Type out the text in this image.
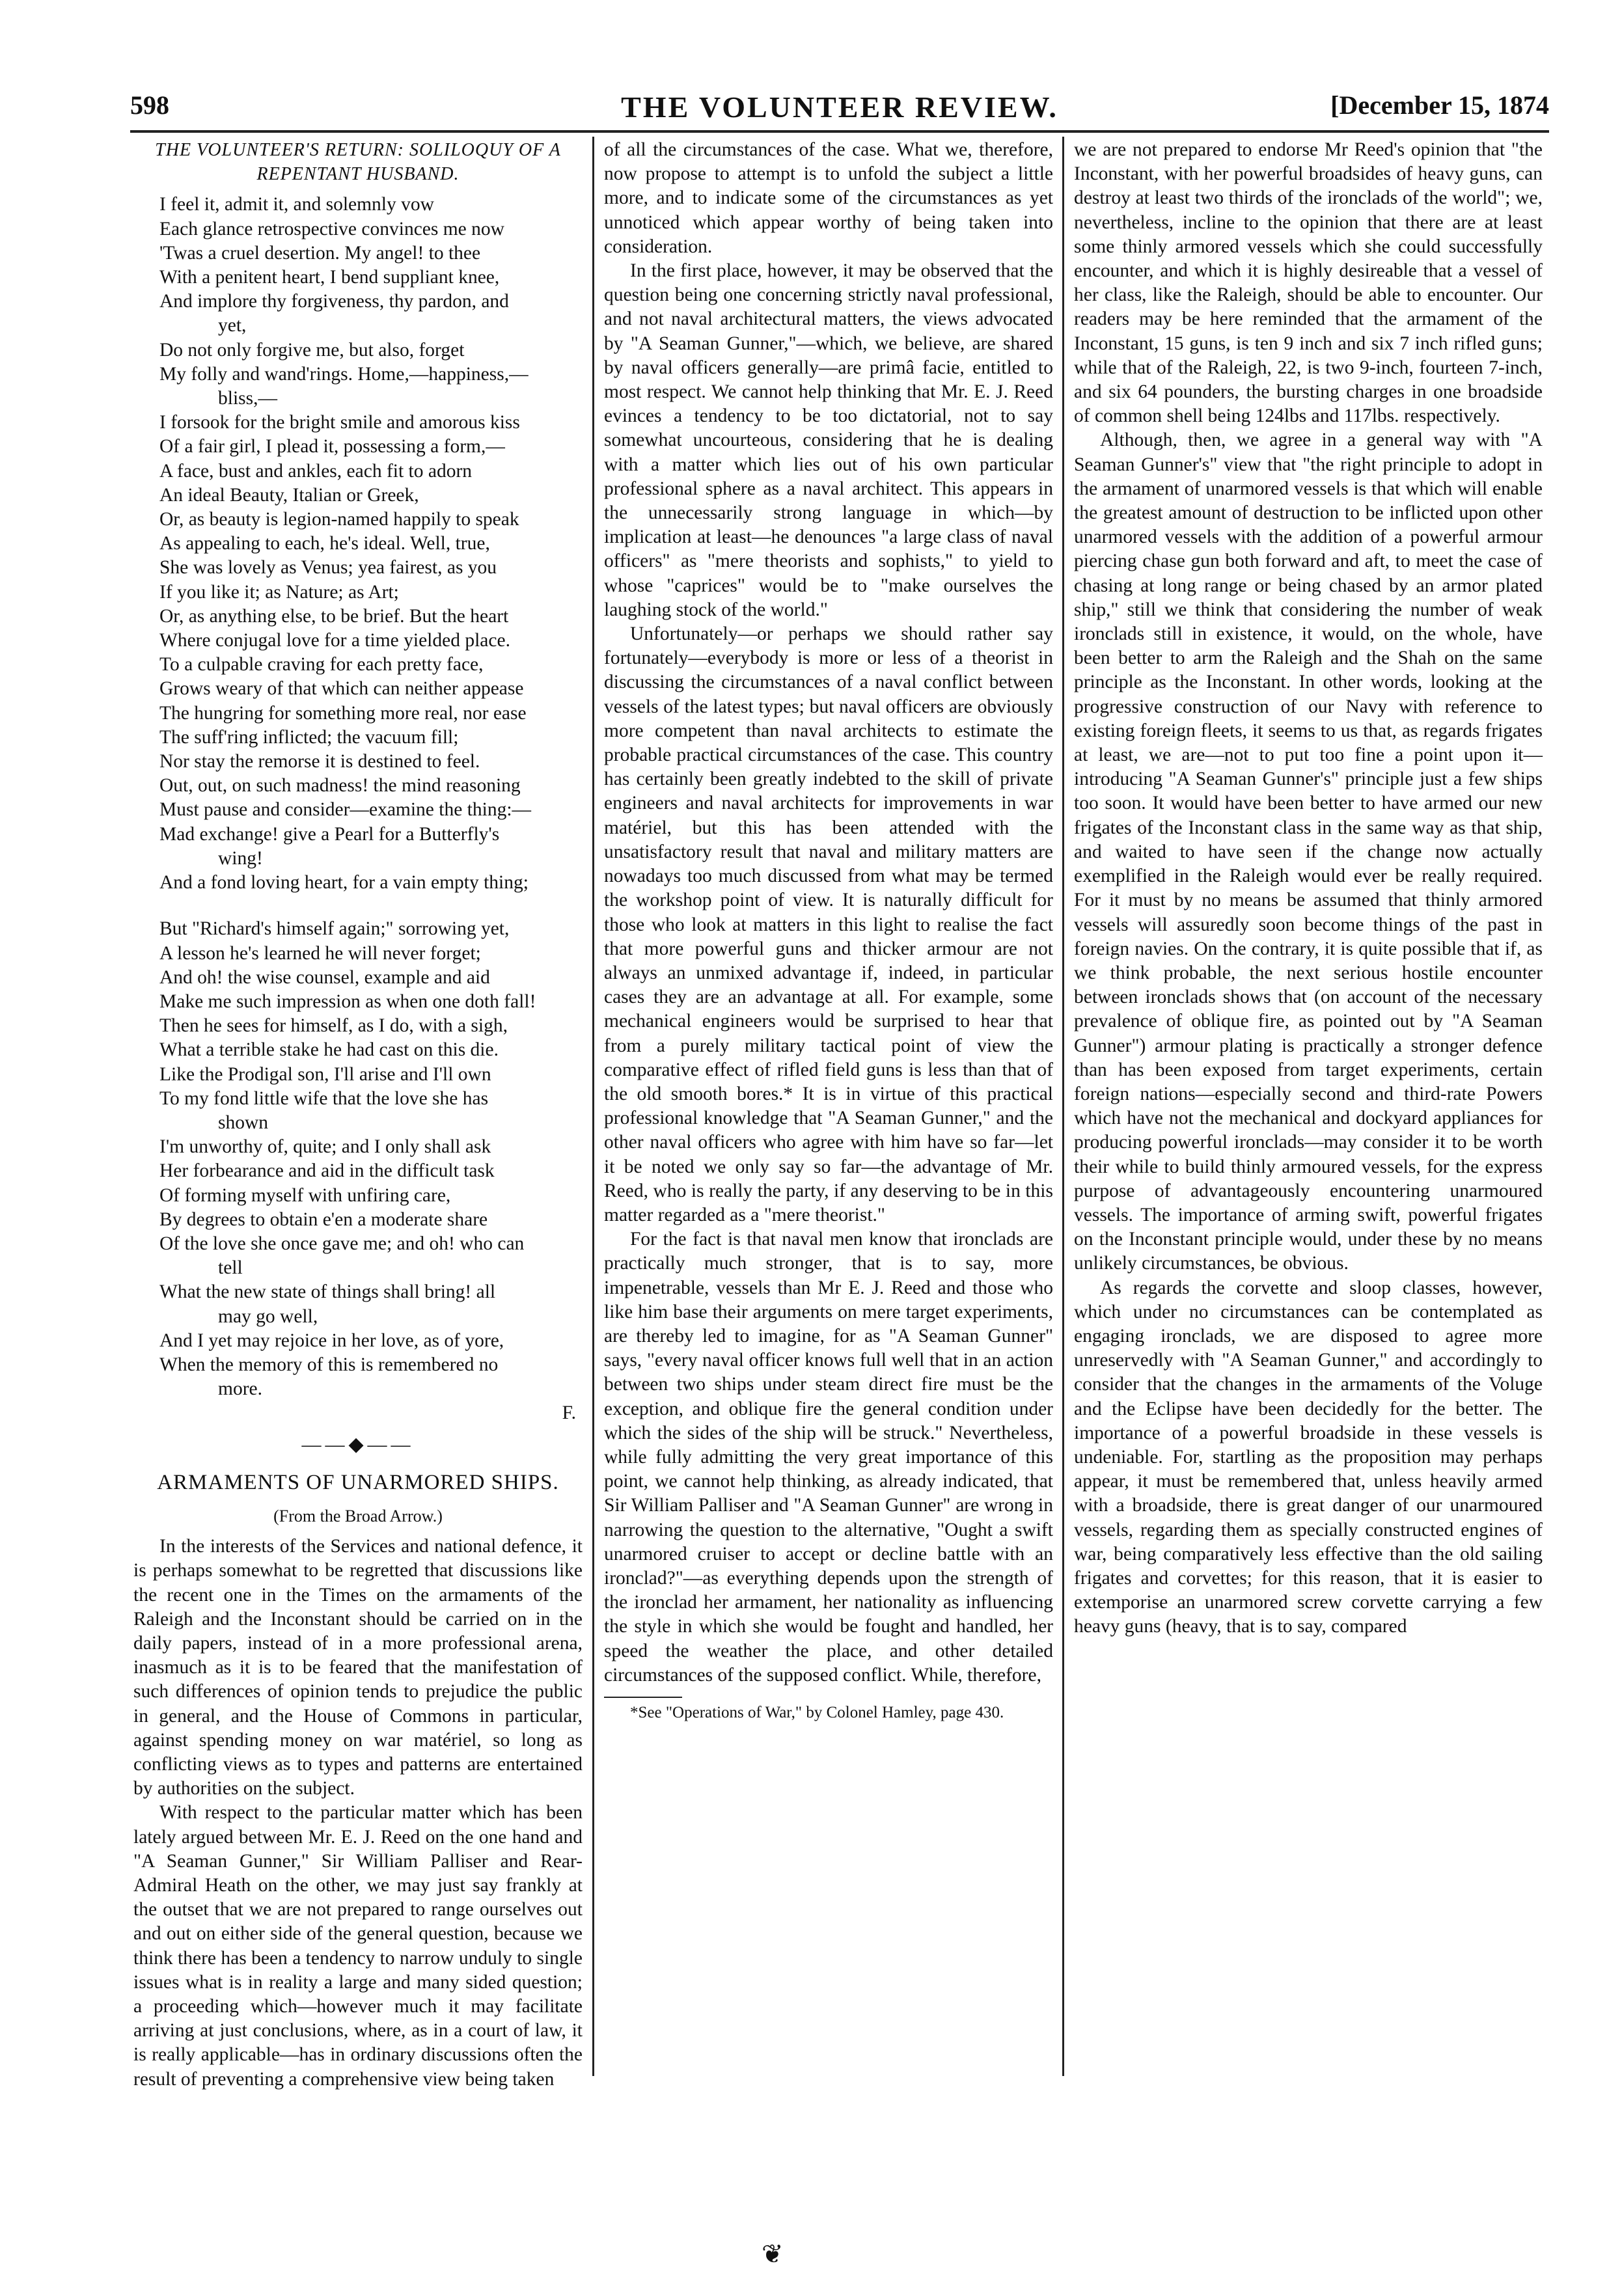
598	THE VOLUNTEER REVIEW.	[December 15, 1874
THE VOLUNTEER'S RETURN: SOLILOQUY OF A REPENTANT HUSBAND.

I feel it, admit it, and solemnly vow

Each glance retrospective convinces me now

'Twas a cruel desertion. My angel! to thee

With a penitent heart, I bend suppliant knee,

And implore thy forgiveness, thy pardon, and

yet,

Do not only forgive me, but also, forget

My folly and wand'rings. Home,—happiness,—

bliss,—

I forsook for the bright smile and amorous kiss

Of a fair girl, I plead it, possessing a form,—

A face, bust and ankles, each fit to adorn

An ideal Beauty, Italian or Greek,

Or, as beauty is legion-named happily to speak

As appealing to each, he's ideal. Well, true,

She was lovely as Venus; yea fairest, as you

If you like it; as Nature; as Art;

Or, as anything else, to be brief. But the heart

Where conjugal love for a time yielded place.

To a culpable craving for each pretty face,

Grows weary of that which can neither appease

The hungring for something more real, nor ease

The suff'ring inflicted; the vacuum fill;

Nor stay the remorse it is destined to feel.

Out, out, on such madness! the mind reasoning

Must pause and consider—examine the thing:—

Mad exchange! give a Pearl for a Butterfly's

wing!

And a fond loving heart, for a vain empty thing;

But "Richard's himself again;" sorrowing yet,

A lesson he's learned he will never forget;

And oh! the wise counsel, example and aid

Make me such impression as when one doth fall!

Then he sees for himself, as I do, with a sigh,

What a terrible stake he had cast on this die.

Like the Prodigal son, I'll arise and I'll own

To my fond little wife that the love she has

shown

I'm unworthy of, quite; and I only shall ask

Her forbearance and aid in the difficult task

Of forming myself with unfiring care,

By degrees to obtain e'en a moderate share

Of the love she once gave me; and oh! who can

tell

What the new state of things shall bring! all

may go well,

And I yet may rejoice in her love, as of yore,

When the memory of this is remembered no

more.

F.

——◆——
ARMAMENTS OF UNARMORED SHIPS.
(From the Broad Arrow.)

In the interests of the Services and national defence, it is perhaps somewhat to be regretted that discussions like the recent one in the Times on the armaments of the Raleigh and the Inconstant should be carried on in the daily papers, instead of in a more professional arena, inasmuch as it is to be feared that the manifestation of such differences of opinion tends to prejudice the public in general, and the House of Commons in particular, against spending money on war matériel, so long as conflicting views as to types and patterns are entertained by authorities on the subject.

With respect to the particular matter which has been lately argued between Mr. E. J. Reed on the one hand and "A Seaman Gunner," Sir William Palliser and Rear-Admiral Heath on the other, we may just say frankly at the outset that we are not prepared to range ourselves out and out on either side of the general question, because we think there has been a tendency to narrow unduly to single issues what is in reality a large and many sided question; a proceeding which—however much it may facilitate arriving at just conclusions, where, as in a court of law, it is really applicable—has in ordinary discussions often the result of preventing a comprehensive view being taken

of all the circumstances of the case. What we, therefore, now propose to attempt is to unfold the subject a little more, and to indicate some of the circumstances as yet unnoticed which appear worthy of being taken into consideration.

In the first place, however, it may be observed that the question being one concerning strictly naval professional, and not naval architectural matters, the views advocated by "A Seaman Gunner,"—which, we believe, are shared by naval officers generally—are primâ facie, entitled to most respect. We cannot help thinking that Mr. E. J. Reed evinces a tendency to be too dictatorial, not to say somewhat uncourteous, considering that he is dealing with a matter which lies out of his own particular professional sphere as a naval architect. This appears in the unnecessarily strong language in which—by implication at least—he denounces "a large class of naval officers" as "mere theorists and sophists," to yield to whose "caprices" would be to "make ourselves the laughing stock of the world."

Unfortunately—or perhaps we should rather say fortunately—everybody is more or less of a theorist in discussing the circumstances of a naval conflict between vessels of the latest types; but naval officers are obviously more competent than naval architects to estimate the probable practical circumstances of the case. This country has certainly been greatly indebted to the skill of private engineers and naval architects for improvements in war matériel, but this has been attended with the unsatisfactory result that naval and military matters are nowadays too much discussed from what may be termed the workshop point of view. It is naturally difficult for those who look at matters in this light to realise the fact that more powerful guns and thicker armour are not always an unmixed advantage if, indeed, in particular cases they are an advantage at all. For example, some mechanical engineers would be surprised to hear that from a purely military tactical point of view the comparative effect of rifled field guns is less than that of the old smooth bores.* It is in virtue of this practical professional knowledge that "A Seaman Gunner," and the other naval officers who agree with him have so far—let it be noted we only say so far—the advantage of Mr. Reed, who is really the party, if any deserving to be in this matter regarded as a "mere theorist."

For the fact is that naval men know that ironclads are practically much stronger, that is to say, more impenetrable, vessels than Mr E. J. Reed and those who like him base their arguments on mere target experiments, are thereby led to imagine, for as "A Seaman Gunner" says, "every naval officer knows full well that in an action between two ships under steam direct fire must be the exception, and oblique fire the general condition under which the sides of the ship will be struck." Nevertheless, while fully admitting the very great importance of this point, we cannot help thinking, as already indicated, that Sir William Palliser and "A Seaman Gunner" are wrong in narrowing the question to the alternative, "Ought a swift unarmored cruiser to accept or decline battle with an ironclad?"—as everything depends upon the strength of the ironclad her armament, her nationality as influencing the style in which she would be fought and handled, her speed the weather the place, and other detailed circumstances of the supposed conflict. While, therefore,

*See "Operations of War," by Colonel Hamley, page 430.

we are not prepared to endorse Mr Reed's opinion that "the Inconstant, with her powerful broadsides of heavy guns, can destroy at least two thirds of the ironclads of the world"; we, nevertheless, incline to the opinion that there are at least some thinly armored vessels which she could successfully encounter, and which it is highly desireable that a vessel of her class, like the Raleigh, should be able to encounter. Our readers may be here reminded that the armament of the Inconstant, 15 guns, is ten 9 inch and six 7 inch rifled guns; while that of the Raleigh, 22, is two 9-inch, fourteen 7-inch, and six 64 pounders, the bursting charges in one broadside of common shell being 124lbs and 117lbs. respectively.

Although, then, we agree in a general way with "A Seaman Gunner's" view that "the right principle to adopt in the armament of unarmored vessels is that which will enable the greatest amount of destruction to be inflicted upon other unarmored vessels with the addition of a powerful armour piercing chase gun both forward and aft, to meet the case of chasing at long range or being chased by an armor plated ship," still we think that considering the number of weak ironclads still in existence, it would, on the whole, have been better to arm the Raleigh and the Shah on the same principle as the Inconstant. In other words, looking at the progressive construction of our Navy with reference to existing foreign fleets, it seems to us that, as regards frigates at least, we are—not to put too fine a point upon it—introducing "A Seaman Gunner's" principle just a few ships too soon. It would have been better to have armed our new frigates of the Inconstant class in the same way as that ship, and waited to have seen if the change now actually exemplified in the Raleigh would ever be really required. For it must by no means be assumed that thinly armored vessels will assuredly soon become things of the past in foreign navies. On the contrary, it is quite possible that if, as we think probable, the next serious hostile encounter between ironclads shows that (on account of the necessary prevalence of oblique fire, as pointed out by "A Seaman Gunner") armour plating is practically a stronger defence than has been exposed from target experiments, certain foreign nations—especially second and third-rate Powers which have not the mechanical and dockyard appliances for producing powerful ironclads—may consider it to be worth their while to build thinly armoured vessels, for the express purpose of advantageously encountering unarmoured vessels. The importance of arming swift, powerful frigates on the Inconstant principle would, under these by no means unlikely circumstances, be obvious.

As regards the corvette and sloop classes, however, which under no circumstances can be contemplated as engaging ironclads, we are disposed to agree more unreservedly with "A Seaman Gunner," and accordingly to consider that the changes in the armaments of the Voluge and the Eclipse have been decidedly for the better. The importance of a powerful broadside in these vessels is undeniable. For, startling as the proposition may perhaps appear, it must be remembered that, unless heavily armed with a broadside, there is great danger of our unarmoured vessels, regarding them as specially constructed engines of war, being comparatively less effective than the old sailing frigates and corvettes; for this reason, that it is easier to extemporise an unarmored screw corvette carrying a few heavy guns (heavy, that is to say, compared

❦
